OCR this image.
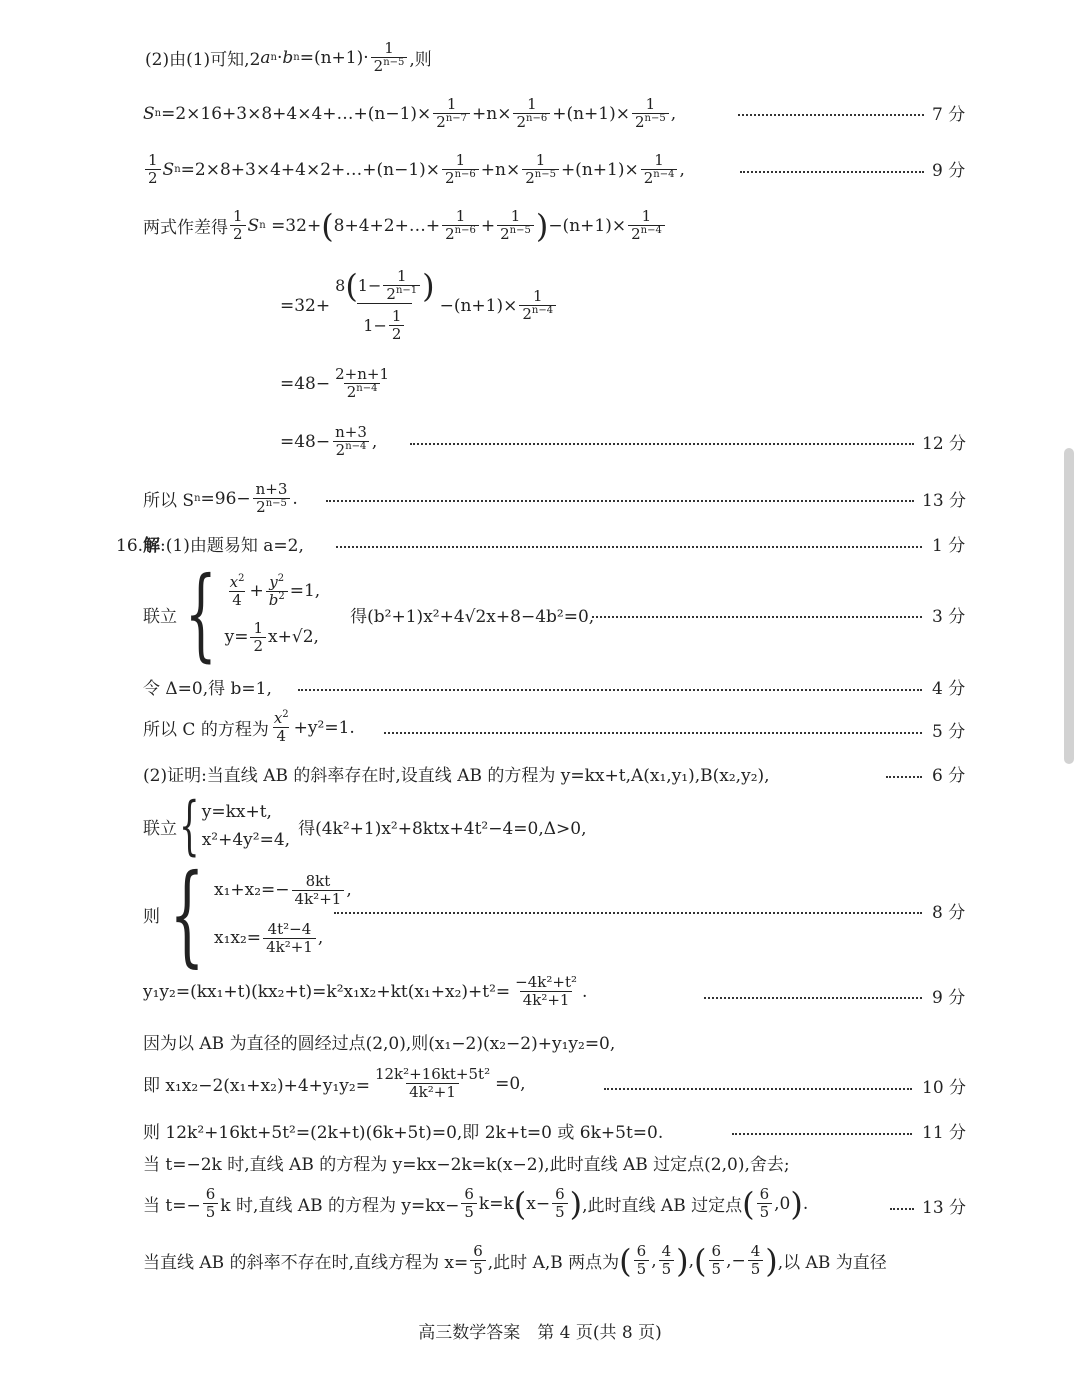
(2)由(1)可知,2 a n · b $n =(n+1)\cdot \frac{1}{2^{n-5}}$ ,则
S n =2×16+3×8+4×4+…+(n−1)× $\frac{1}{2^{n-7}} +n\times \frac{1}{2^{n-6}} +(n+1)\times \frac{1}{2^{n-5}}$ ,	7 分
$\frac{1}{2}$ S n =2×8+3×4+4×2+…+(n−1)× $\frac{1}{2^{n-6}} +n\times \frac{1}{2^{n-5}} +(n+1)\times \frac{1}{2^{n-4}}$ ,	9 分
两式作差得 $\frac{1}{2}$ S n
=32+ ( 8+4+2+…+ $\frac{1}{2^{n-6}} + \frac{1}{2^{n-5}}$ ) $-(n+1)\times \frac{1}{2^{n-4}}$
$=32+ \frac{8 ( 1- \frac{1}{2^{n-1}} )}{1- \frac{1}{2}} -(n+1)\times \frac{1}{2^{n-4}}$
$=48- \frac{2+n+1}{2^{n-4}}$
$=48- \frac{n+3}{2^{n-4}}$ ,	12 分
所以 S $n =96- \frac{n+3}{2^{n-5}}$ .	13 分
16.解:(1)由题易知 a=2,	1 分
联立 { $\frac{x^2}{4} + \frac{y^2}{b^2} =1$,
$y= \frac{1}{2} x+√2$,
得(b²+1)x²+4√2x+8−4b²=0,	3 分
令 Δ=0,得 b=1,	4 分
所以 C 的方程为 $\frac{x^2}{4} +y^2=1$.	5 分
(2)证明:当直线 AB 的斜率存在时,设直线 AB 的方程为 y=kx+t,A(x₁,y₁),B(x₂,y₂),	6 分
联立 { y=kx+t,
x²+4y²=4,
得(4k²+1)x²+8ktx+4t²−4=0,Δ>0,
则 { $x_1+x_2=- \frac{8kt}{\text{4k²+1}}$ ,
$x_1x_2= \frac{\text{4t²−4}}{\text{4k²+1}}$ ,
8 分
$y_1y_2=(kx_1+t)(kx_2+t)=k^2x_1x_2+kt(x_1+x_2)+t^2= \frac{\text{−4k²+t²}}{\text{4k²+1}}$ .	9 分
因为以 AB 为直径的圆经过点(2,0),则(x₁−2)(x₂−2)+y₁y₂=0,
即 $x_1x_2-2(x_1+x_2)+4+y_1y_2= \frac{\text{12k²+16kt+5t²}}{\text{4k²+1}} =0$,	10 分
则 12k²+16kt+5t²=(2k+t)(6k+5t)=0,即 2k+t=0 或 6k+5t=0.	11 分
当 t=−2k 时,直线 AB 的方程为 y=kx−2k=k(x−2),此时直线 AB 过定点(2,0),舍去;
当 $t=- \frac{6}{5}$ k 时,直线 AB 的方程为 $y=kx- \frac{6}{5} k=k$ ( $x- \frac{6}{5}$ ) ,此时直线 AB 过定点 ( $\frac{6}{5} ,0$ ) .	13 分
当直线 AB 的斜率不存在时,直线方程为 $x= \frac{6}{5}$ ,此时 A,B 两点为 ( $\frac{6}{5}$ , $\frac{4}{5}$ ) , ( $\frac{6}{5}$ ,− $\frac{4}{5}$ ) ,以 AB 为直径
高三数学答案　第 4 页(共 8 页)
